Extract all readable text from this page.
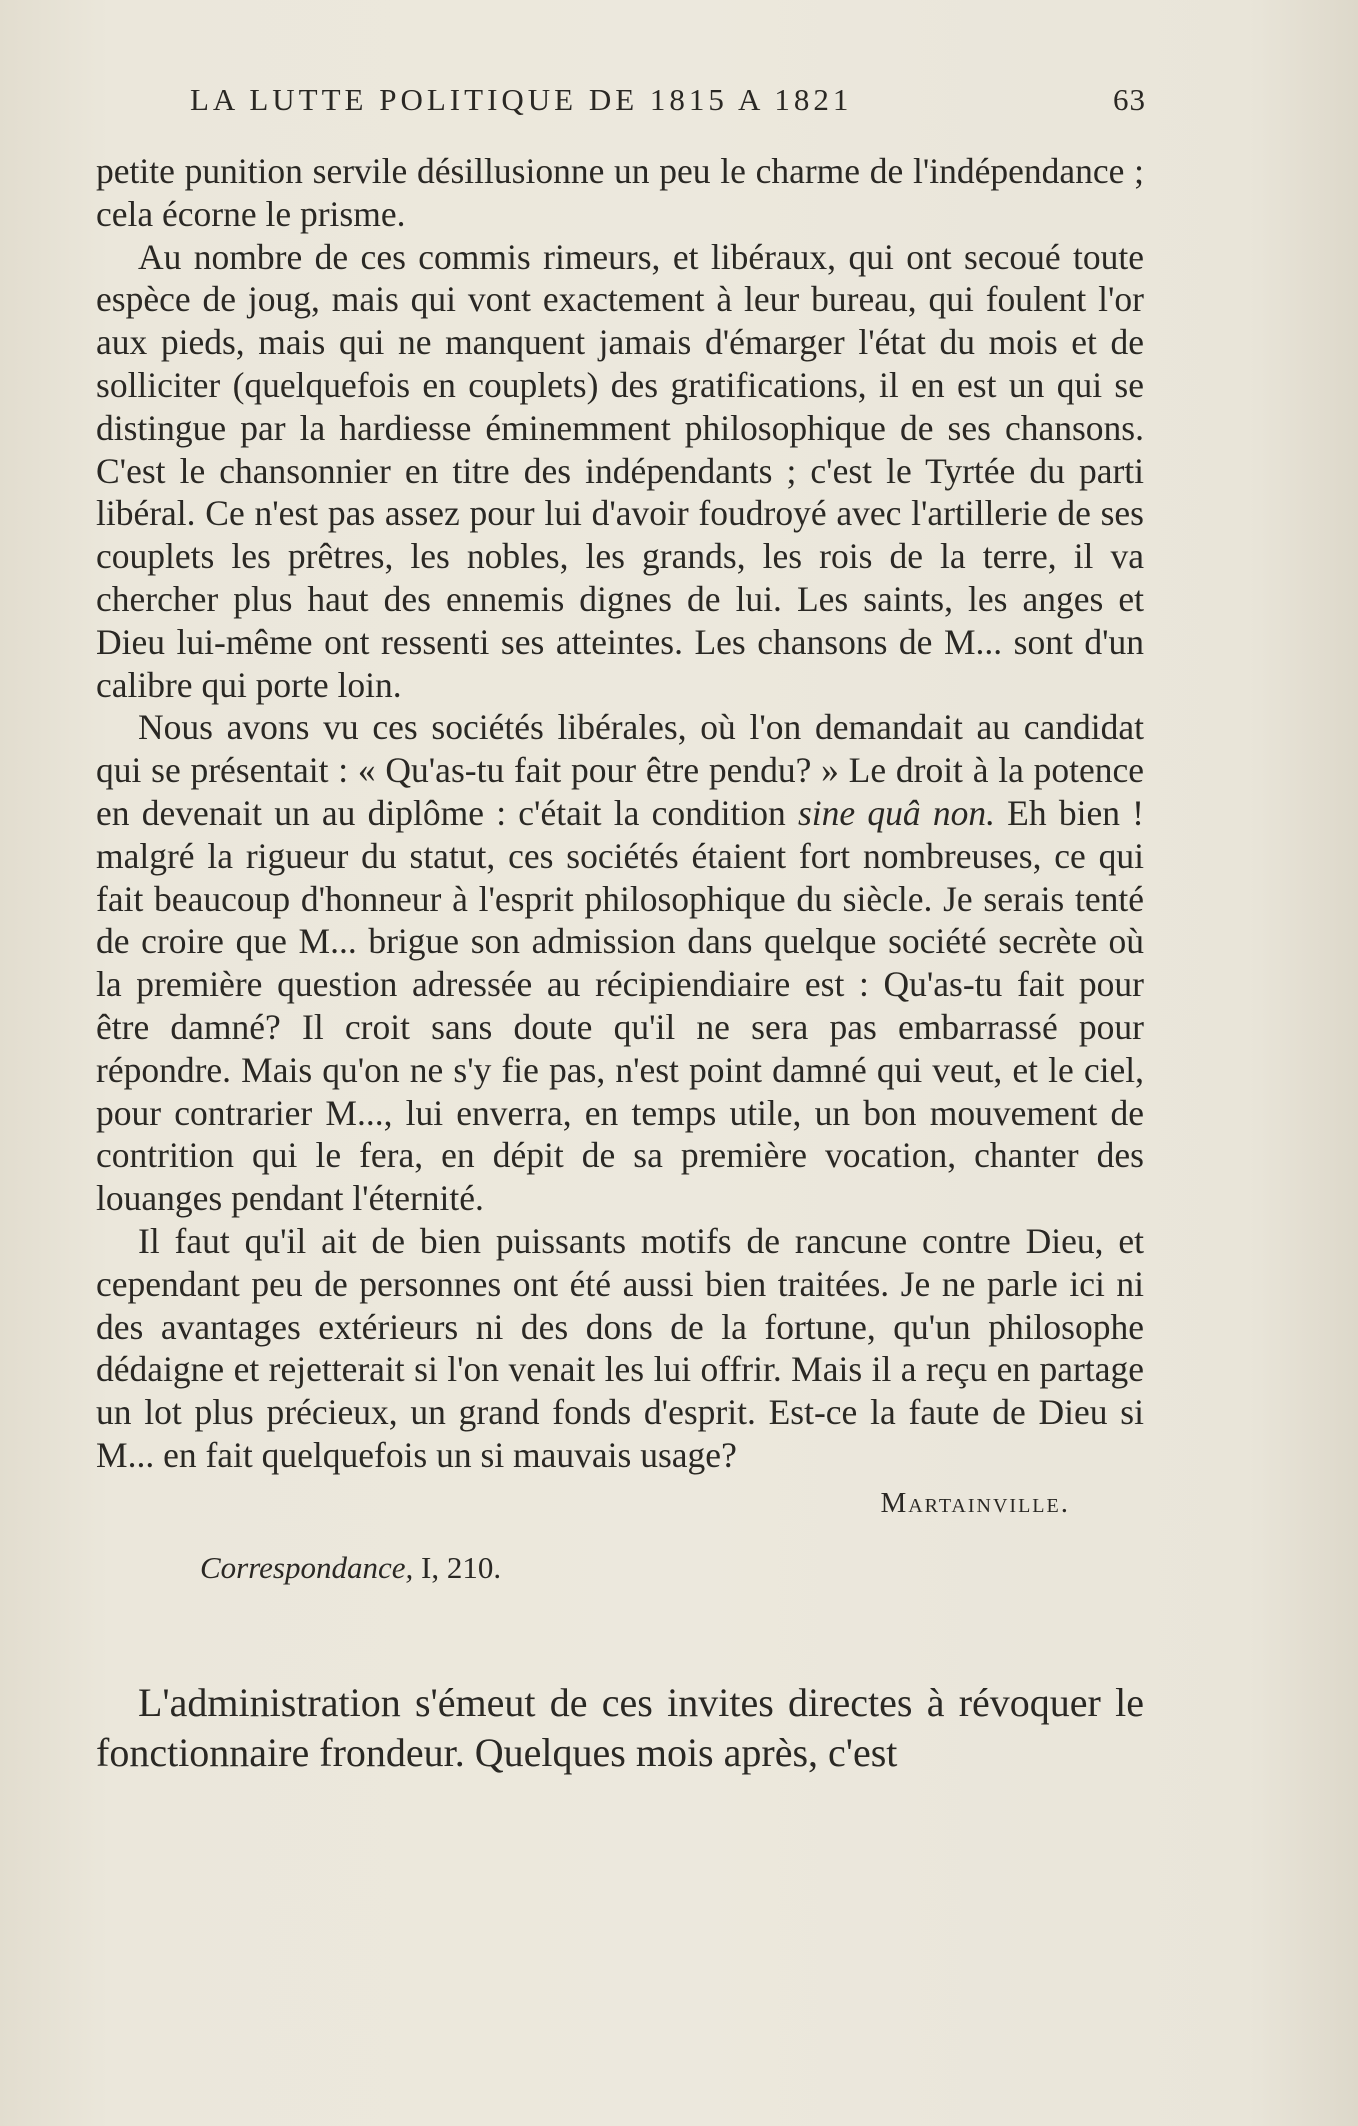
LA LUTTE POLITIQUE DE 1815 A 1821	63

petite punition servile désillusionne un peu le charme de l'indépendance ; cela écorne le prisme.

Au nombre de ces commis rimeurs, et libéraux, qui ont secoué toute espèce de joug, mais qui vont exactement à leur bureau, qui foulent l'or aux pieds, mais qui ne manquent jamais d'émarger l'état du mois et de solliciter (quelquefois en couplets) des gratifications, il en est un qui se distingue par la hardiesse éminemment philosophique de ses chansons. C'est le chansonnier en titre des indépendants ; c'est le Tyrtée du parti libéral. Ce n'est pas assez pour lui d'avoir foudroyé avec l'artillerie de ses couplets les prêtres, les nobles, les grands, les rois de la terre, il va chercher plus haut des ennemis dignes de lui. Les saints, les anges et Dieu lui-même ont ressenti ses atteintes. Les chansons de M... sont d'un calibre qui porte loin.

Nous avons vu ces sociétés libérales, où l'on demandait au candidat qui se présentait : « Qu'as-tu fait pour être pendu? » Le droit à la potence en devenait un au diplôme : c'était la condition sine quâ non. Eh bien ! malgré la rigueur du statut, ces sociétés étaient fort nombreuses, ce qui fait beaucoup d'honneur à l'esprit philosophique du siècle. Je serais tenté de croire que M... brigue son admission dans quelque société secrète où la première question adressée au récipiendiaire est : Qu'as-tu fait pour être damné? Il croit sans doute qu'il ne sera pas embarrassé pour répondre. Mais qu'on ne s'y fie pas, n'est point damné qui veut, et le ciel, pour contrarier M..., lui enverra, en temps utile, un bon mouvement de contrition qui le fera, en dépit de sa première vocation, chanter des louanges pendant l'éternité.

Il faut qu'il ait de bien puissants motifs de rancune contre Dieu, et cependant peu de personnes ont été aussi bien traitées. Je ne parle ici ni des avantages extérieurs ni des dons de la fortune, qu'un philosophe dédaigne et rejetterait si l'on venait les lui offrir. Mais il a reçu en partage un lot plus précieux, un grand fonds d'esprit. Est-ce la faute de Dieu si M... en fait quelquefois un si mauvais usage?

Martainville.
Correspondance, I, 210.

L'administration s'émeut de ces invites directes à révoquer le fonctionnaire frondeur. Quelques mois après, c'est
